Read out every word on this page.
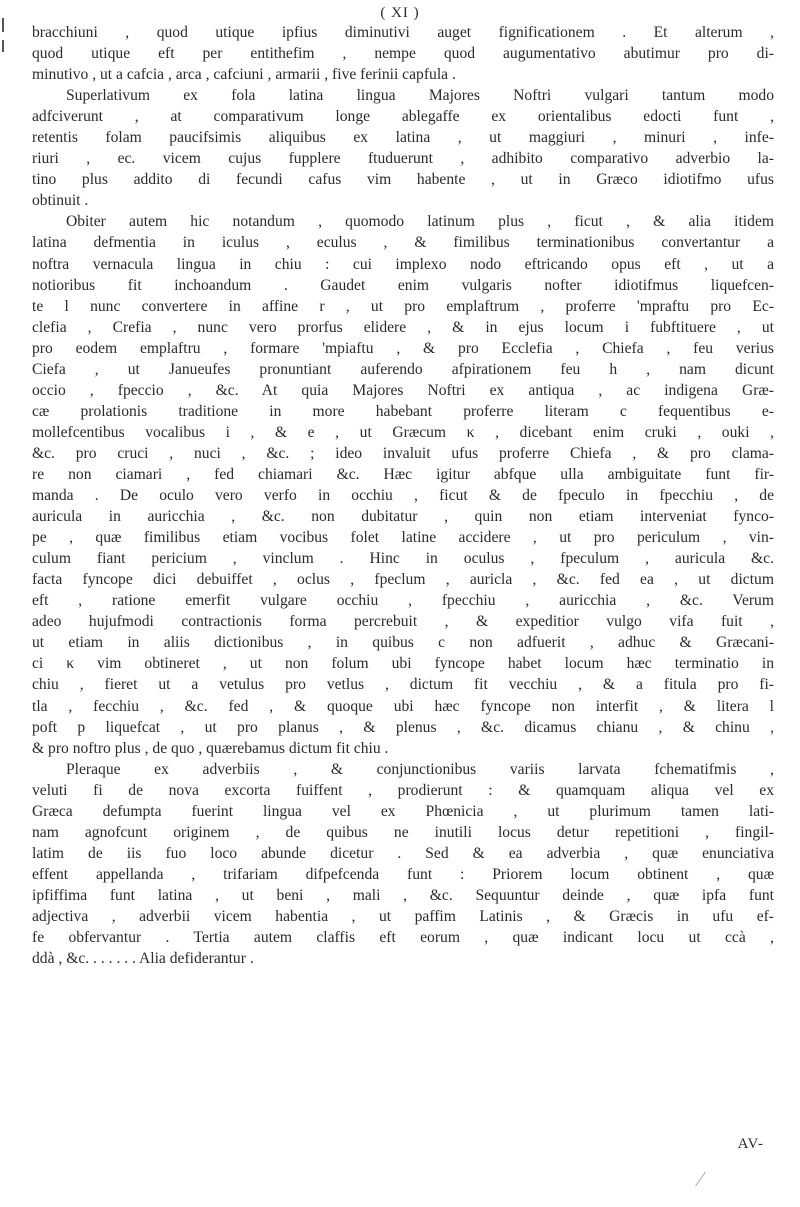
( XI )
bracchiuni , quod utique ipfius diminutivi auget fignificationem . Et alterum ,
quod utique eft per entithefim , nempe quod augumentativo abutimur pro di-
minutivo , ut a cafcia , arca , cafciuni , armarii , five ferinii capfula .
Superlativum ex fola latina lingua Majores Noftri vulgari tantum modo
adfciverunt , at comparativum longe ablegaffe ex orientalibus edocti funt ,
retentis folam paucifsimis aliquibus ex latina , ut maggiuri , minuri , infe-
riuri , ec. vicem cujus fupplere ftuduerunt , adhibito comparativo adverbio la-
tino plus addito di fecundi cafus vim habente , ut in Græco idiotifmo ufus
obtinuit .
Obiter autem hic notandum , quomodo latinum plus , ficut , & alia itidem
latina defmentia in iculus , eculus , & fimilibus terminationibus convertantur a
noftra vernacula lingua in chiu : cui implexo nodo eftricando opus eft , ut a
notioribus fit inchoandum . Gaudet enim vulgaris nofter idiotifmus liquefcen-
te l nunc convertere in affine r , ut pro emplaftrum , proferre 'mpraftu pro Ec-
clefia , Crefia , nunc vero prorfus elidere , & in ejus locum i fubftituere , ut
pro eodem emplaftru , formare 'mpiaftu , & pro Ecclefia , Chiefa , feu verius
Ciefa , ut Janueufes pronuntiant auferendo afpirationem feu h , nam dicunt
occio , fpeccio , &c. At quia Majores Noftri ex antiqua , ac indigena Græ-
cæ prolationis traditione in more habebant proferre literam c fequentibus e-
mollefcentibus vocalibus i , & e , ut Græcum κ , dicebant enim cruki , ouki ,
&c. pro cruci , nuci , &c. ; ideo invaluit ufus proferre Chiefa , & pro clama-
re non ciamari , fed chiamari &c. Hæc igitur abfque ulla ambiguitate funt fir-
manda . De oculo vero verfo in occhiu , ficut & de fpeculo in fpecchiu , de
auricula in auricchia , &c. non dubitatur , quin non etiam interveniat fynco-
pe , quæ fimilibus etiam vocibus folet latine accidere , ut pro periculum , vin-
culum fiant pericium , vinclum . Hinc in oculus , fpeculum , auricula &c.
facta fyncope dici debuiffet , oclus , fpeclum , auricla , &c. fed ea , ut dictum
eft , ratione emerfit vulgare occhiu , fpecchiu , auricchia , &c. Verum
adeo hujufmodi contractionis forma percrebuit , & expeditior vulgo vifa fuit ,
ut etiam in aliis dictionibus , in quibus c non adfuerit , adhuc & Græcani-
ci κ vim obtineret , ut non folum ubi fyncope habet locum hæc terminatio in
chiu , fieret ut a vetulus pro vetlus , dictum fit vecchiu , & a fitula pro fi-
tla , fecchiu , &c. fed , & quoque ubi hæc fyncope non interfit , & litera l
poft p liquefcat , ut pro planus , & plenus , &c. dicamus chianu , & chinu ,
& pro noftro plus , de quo , quærebamus dictum fit chiu .
Pleraque ex adverbiis , & conjunctionibus variis larvata fchematifmis ,
veluti fi de nova excorta fuiffent , prodierunt : & quamquam aliqua vel ex
Græca defumpta fuerint lingua vel ex Phœnicia , ut plurimum tamen lati-
nam agnofcunt originem , de quibus ne inutili locus detur repetitioni , fingil-
latim de iis fuo loco abunde dicetur . Sed & ea adverbia , quæ enunciativa
effent appellanda , trifariam difpefcenda funt : Priorem locum obtinent , quæ
ipfiffima funt latina , ut beni , mali , &c. Sequuntur deinde , quæ ipfa funt
adjectiva , adverbii vicem habentia , ut paffim Latinis , & Græcis in ufu ef-
fe obfervantur . Tertia autem claffis eft eorum , quæ indicant locu ut ccà ,
ddà , &c. . . . . . . Alia defiderantur .
AV-
